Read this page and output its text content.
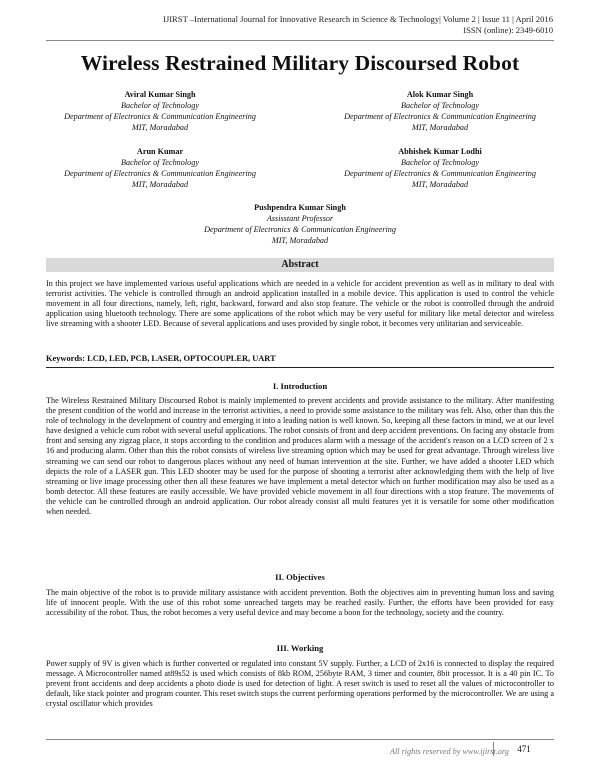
IJIRST –International Journal for Innovative Research in Science & Technology| Volume 2 | Issue 11 | April 2016
ISSN (online): 2349-6010
Wireless Restrained Military Discoursed Robot
Aviral Kumar Singh
Bachelor of Technology
Department of Electronics & Communication Engineering
MIT, Moradabad
Alok Kumar Singh
Bachelor of Technology
Department of Electronics & Communication Engineering
MIT, Moradabad
Arun Kumar
Bachelor of Technology
Department of Electronics & Communication Engineering
MIT, Moradabad
Abhishek Kumar Lodhi
Bachelor of Technology
Department of Electronics & Communication Engineering
MIT, Moradabad
Pushpendra Kumar Singh
Assisstant Professor
Department of Electronics & Communication Engineering
MIT, Moradabad
Abstract
In this project we have implemented various useful applications which are needed in a vehicle for accident prevention as well as in military to deal with terrorist activities. The vehicle is controlled through an android application installed in a mobile device. This application is used to control the vehicle movement in all four directions, namely, left, right, backward, forward and also stop feature. The vehicle or the robot is controlled through the android application using bluetooth technology. There are some applications of the robot which may be very useful for military like metal detector and wireless live streaming with a shooter LED. Because of several applications and uses provided by single robot, it becomes very utilitarian and serviceable.
Keywords: LCD, LED, PCB, LASER, OPTOCOUPLER, UART
I. Introduction
The Wireless Restrained Military Discoursed Robot is mainly implemented to prevent accidents and provide assistance to the military. After manifesting the present condition of the world and increase in the terrorist activities, a need to provide some assistance to the military was felt. Also, other than this the role of technology in the development of country and emerging it into a leading nation is well known. So, keeping all these factors in mind, we at our level have designed a vehicle cum robot with several useful applications. The robot consists of front and deep accident preventions. On facing any obstacle from front and sensing any zigzag place, it stops according to the condition and produces alarm with a message of the accident's reason on a LCD screen of 2 x 16 and producing alarm. Other than this the robot consists of wireless live streaming option which may be used for great advantage. Through wireless live streaming we can send our robot to dangerous places without any need of human intervention at the site. Further, we have added a shooter LED which depicts the role of a LASER gun. This LED shooter may be used for the purpose of shooting a terrorist after acknowledging them with the help of live streaming or live image processing other then all these features we have implement a metal detector which on further modification may also be used as a bomb detector. All these features are easily accessible. We have provided vehicle movement in all four directions with a stop feature. The movements of the vehicle can be controlled through an android application. Our robot already consist all multi features yet it is versatile for some other modification when needed.
II. Objectives
The main objective of the robot is to provide military assistance with accident prevention. Both the objectives aim in preventing human loss and saving life of innocent people. With the use of this robot some unreached targets may be reached easily. Further, the efforts have been provided for easy accessibility of the robot. Thus, the robot becomes a very useful device and may become a boon for the technology, society and the country.
III. Working
Power supply of 9V is given which is further converted or regulated into constant 5V supply. Further, a LCD of 2x16 is connected to display the required message. A Microcontroller named at89s52 is used which consists of 8kb ROM, 256byte RAM, 3 timer and counter, 8bit processor. It is a 40 pin IC. To prevent front accidents and deep accidents a photo diode is used for detection of light. A reset switch is used to reset all the values of microcontroller to default, like stack pointer and program counter. This reset switch stops the current performing operations performed by the microcontroller. We are using a crystal oscillator which provides
All rights reserved by www.ijirst.org 471
